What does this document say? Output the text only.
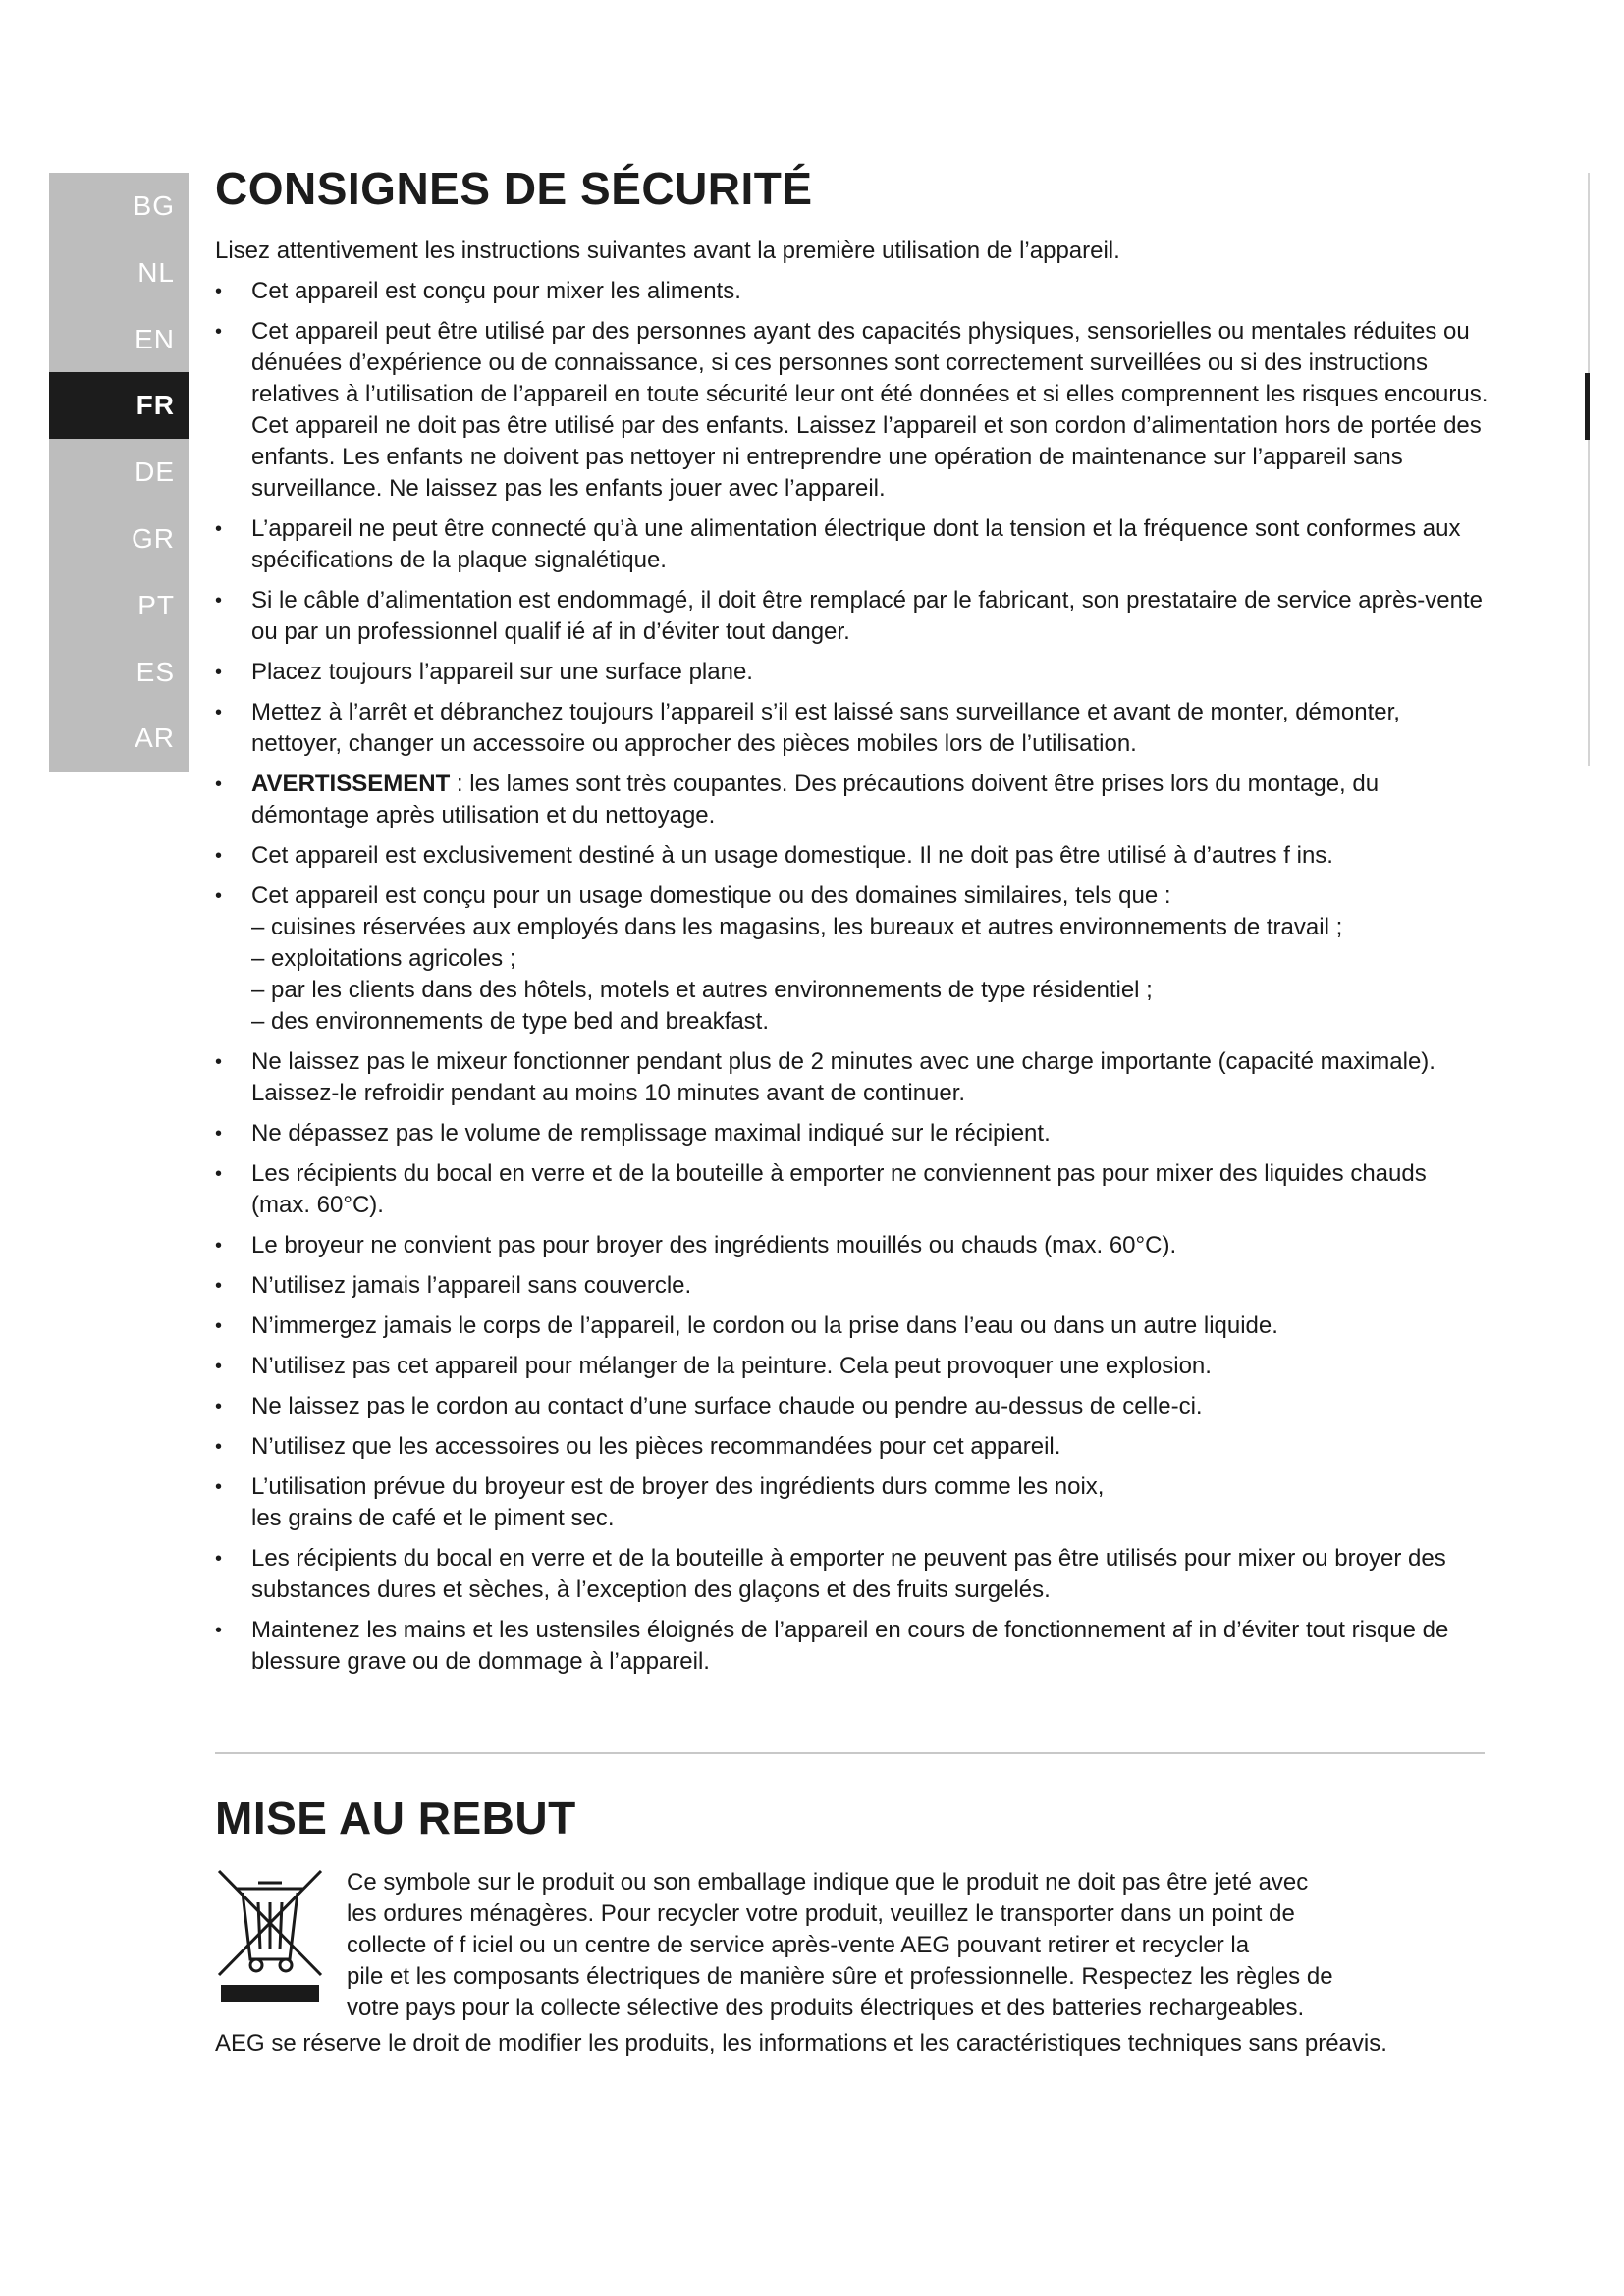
BG
NL
EN
FR
DE
GR
PT
ES
AR
CONSIGNES DE SÉCURITÉ
Lisez attentivement les instructions suivantes avant la première utilisation de l’appareil.
• Cet appareil est conçu pour mixer les aliments.
• Cet appareil peut être utilisé par des personnes ayant des capacités physiques, sensorielles ou mentales réduites ou dénuées d’expérience ou de connaissance, si ces personnes sont correctement surveillées ou si des instructions relatives à l’utilisation de l’appareil en toute sécurité leur ont été données et si elles comprennent les risques encourus. Cet appareil ne doit pas être utilisé par des enfants. Laissez l’appareil et son cordon d’alimentation hors de portée des enfants. Les enfants ne doivent pas nettoyer ni entreprendre une opération de maintenance sur l’appareil sans surveillance. Ne laissez pas les enfants jouer avec l’appareil.
• L’appareil ne peut être connecté qu’à une alimentation électrique dont la tension et la fréquence sont conformes aux spécifications de la plaque signalétique.
• Si le câble d’alimentation est endommagé, il doit être remplacé par le fabricant, son prestataire de service après-vente ou par un professionnel qualif ié af in d’éviter tout danger.
• Placez toujours l’appareil sur une surface plane.
• Mettez à l’arrêt et débranchez toujours l’appareil s’il est laissé sans surveillance et avant de monter, démonter, nettoyer, changer un accessoire ou approcher des pièces mobiles lors de l’utilisation.
• AVERTISSEMENT : les lames sont très coupantes. Des précautions doivent être prises lors du montage, du démontage après utilisation et du nettoyage.
• Cet appareil est exclusivement destiné à un usage domestique. Il ne doit pas être utilisé à d’autres f ins.
• Cet appareil est conçu pour un usage domestique ou des domaines similaires, tels que :
– cuisines réservées aux employés dans les magasins, les bureaux et autres environnements de travail ;
– exploitations agricoles ;
– par les clients dans des hôtels, motels et autres environnements de type résidentiel ;
– des environnements de type bed and breakfast.
• Ne laissez pas le mixeur fonctionner pendant plus de 2 minutes avec une charge importante (capacité maximale). Laissez-le refroidir pendant au moins 10 minutes avant de continuer.
• Ne dépassez pas le volume de remplissage maximal indiqué sur le récipient.
• Les récipients du bocal en verre et de la bouteille à emporter ne conviennent pas pour mixer des liquides chauds (max. 60°C).
• Le broyeur ne convient pas pour broyer des ingrédients mouillés ou chauds (max. 60°C).
• N’utilisez jamais l’appareil sans couvercle.
• N’immergez jamais le corps de l’appareil, le cordon ou la prise dans l’eau ou dans un autre liquide.
• N’utilisez pas cet appareil pour mélanger de la peinture. Cela peut provoquer une explosion.
• Ne laissez pas le cordon au contact d’une surface chaude ou pendre au-dessus de celle-ci.
• N’utilisez que les accessoires ou les pièces recommandées pour cet appareil.
• L’utilisation prévue du broyeur est de broyer des ingrédients durs comme les noix,
les grains de café et le piment sec.
• Les récipients du bocal en verre et de la bouteille à emporter ne peuvent pas être utilisés pour mixer ou broyer des substances dures et sèches, à l’exception des glaçons et des fruits surgelés.
• Maintenez les mains et les ustensiles éloignés de l’appareil en cours de fonctionnement af in d’éviter tout risque de blessure grave ou de dommage à l’appareil.
MISE AU REBUT
Ce symbole sur le produit ou son emballage indique que le produit ne doit pas être jeté avec
les ordures ménagères. Pour recycler votre produit, veuillez le transporter dans un point de
collecte of f iciel ou un centre de service après-vente AEG pouvant retirer et recycler la
pile et les composants électriques de manière sûre et professionnelle. Respectez les règles de
votre pays pour la collecte sélective des produits électriques et des batteries rechargeables.
AEG se réserve le droit de modifier les produits, les informations et les caractéristiques techniques sans préavis.
